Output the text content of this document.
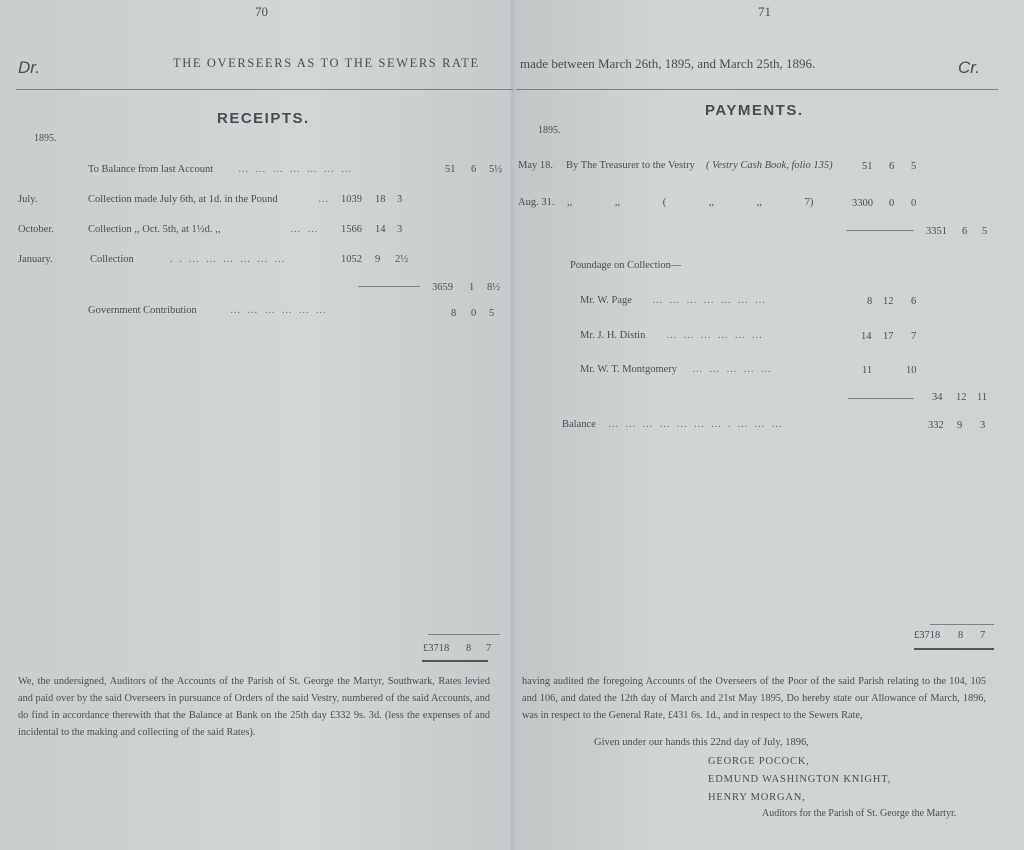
70
Dr.	THE OVERSEERS AS TO THE SEWERS RATE
RECEIPTS.
1895.
To Balance from last Account … … … … … … …	51 6 5½
July.	Collection made July 6th, at 1d. in the Pound	… 1039 18 3
October.	Collection ,, Oct. 5th, at 1½d. ,,	… … 1566 14 3
January.	Collection	. . … … … … … …	1052 9 2½
3659 1 8½
Government Contribution	… … … … … …	8 0 5
£3718 8 7
We, the undersigned, Auditors of the Accounts of the Parish of St. George the Martyr, Southwark, Rates levied and paid over by the said Overseers in pursuance of Orders of the said Vestry, numbered of the said Accounts, and do find in accordance therewith that the Balance at Bank on the 25th day £332 9s. 3d. (less the expenses of and incidental to the making and collecting of the said Rates).
71
made between March 26th, 1895, and March 25th, 1896.	Cr.
PAYMENTS.
1895.
May 18. By The Treasurer to the Vestry ( Vestry Cash Book, folio 135)	51 6 5
Aug. 31. ,, ,, ( ,, ,, 7)	3300 0 0
3351 6 5
Poundage on Collection—
Mr. W. Page … … … … … … …	8 12 6
Mr. J. H. Distin … … … … … …	14 17 7
Mr. W. T. Montgomery … … … … …	11	10
34 12 11
Balance … … … … … … … . … … …	332 9 3
£3718 8 7
having audited the foregoing Accounts of the Overseers of the Poor of the said Parish relating to the 104, 105 and 106, and dated the 12th day of March and 21st May 1895, Do hereby state our Allowance of March, 1896, was in respect to the General Rate, £431 6s. 1d., and in respect to the Sewers Rate,
Given under our hands this 22nd day of July, 1896,
GEORGE POCOCK,
EDMUND WASHINGTON KNIGHT,
HENRY MORGAN,
Auditors for the Parish of St. George the Martyr.
